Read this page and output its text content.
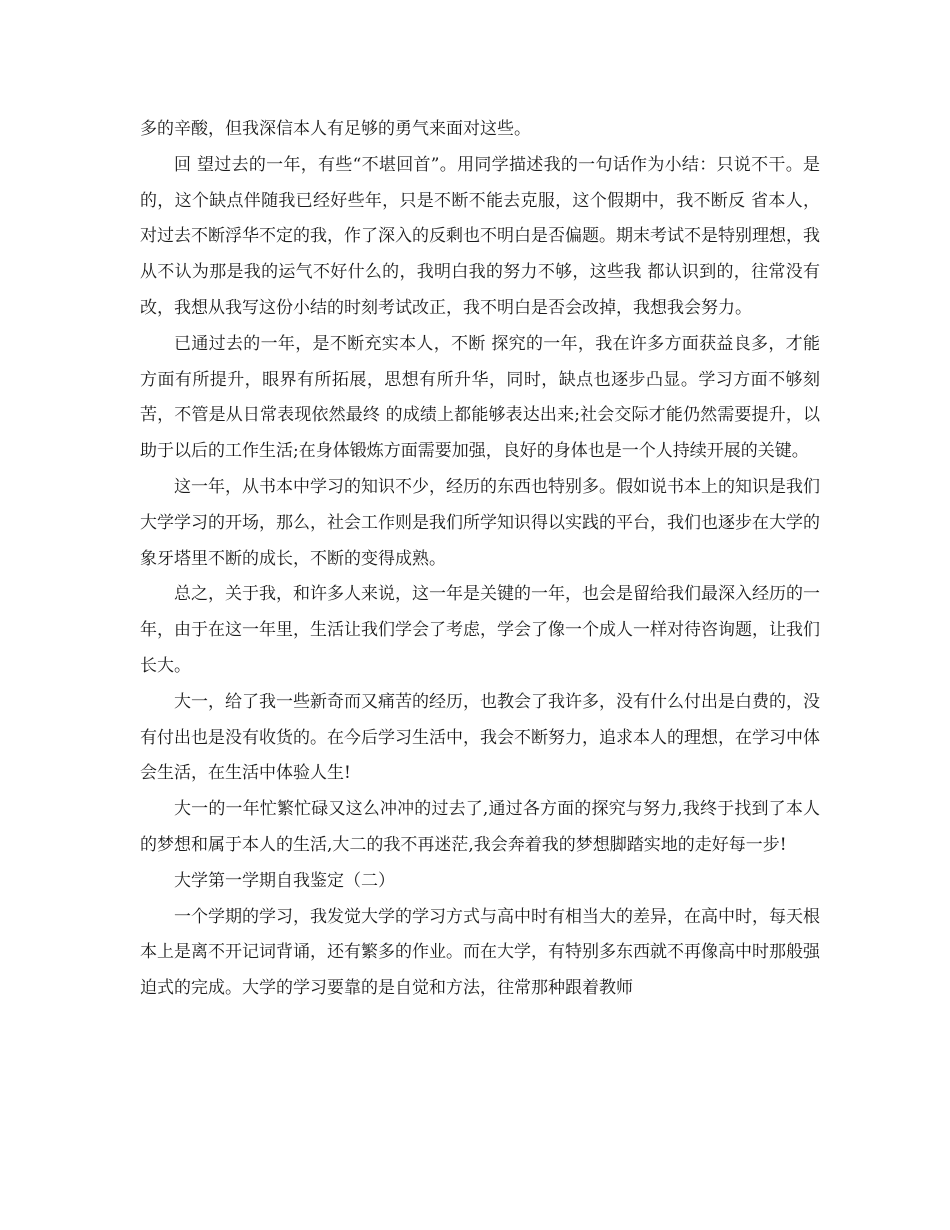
多的辛酸，但我深信本人有足够的勇气来面对这些。

回 望过去的一年，有些“不堪回首”。用同学描述我的一句话作为小结：只说不干。是的，这个缺点伴随我已经好些年，只是不断不能去克服，这个假期中，我不断反 省本人，对过去不断浮华不定的我，作了深入的反剩也不明白是否偏题。期末考试不是特别理想，我从不认为那是我的运气不好什么的，我明白我的努力不够，这些我 都认识到的，往常没有改，我想从我写这份小结的时刻考试改正，我不明白是否会改掉，我想我会努力。

已通过去的一年，是不断充实本人，不断 探究的一年，我在许多方面获益良多，才能方面有所提升，眼界有所拓展，思想有所升华，同时，缺点也逐步凸显。学习方面不够刻苦，不管是从日常表现依然最终 的成绩上都能够表达出来;社会交际才能仍然需要提升，以助于以后的工作生活;在身体锻炼方面需要加强，良好的身体也是一个人持续开展的关键。

这一年，从书本中学习的知识不少，经历的东西也特别多。假如说书本上的知识是我们大学学习的开场，那么，社会工作则是我们所学知识得以实践的平台，我们也逐步在大学的象牙塔里不断的成长，不断的变得成熟。

总之，关于我，和许多人来说，这一年是关键的一年，也会是留给我们最深入经历的一年，由于在这一年里，生活让我们学会了考虑，学会了像一个成人一样对待咨询题，让我们长大。

大一，给了我一些新奇而又痛苦的经历，也教会了我许多，没有什么付出是白费的，没有付出也是没有收货的。在今后学习生活中，我会不断努力，追求本人的理想，在学习中体会生活，在生活中体验人生!

大一的一年忙繁忙碌又这么冲冲的过去了,通过各方面的探究与努力,我终于找到了本人的梦想和属于本人的生活,大二的我不再迷茫,我会奔着我的梦想脚踏实地的走好每一步!

大学第一学期自我鉴定（二）

一个学期的学习，我发觉大学的学习方式与高中时有相当大的差异，在高中时，每天根本上是离不开记词背诵，还有繁多的作业。而在大学，有特别多东西就不再像高中时那般强迫式的完成。大学的学习要靠的是自觉和方法，往常那种跟着教师
